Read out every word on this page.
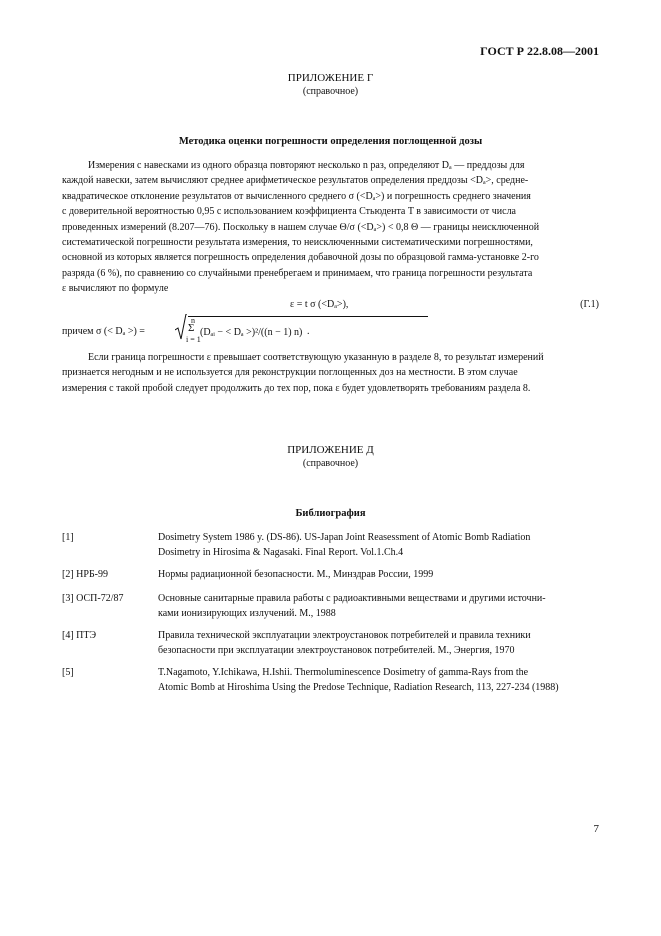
ГОСТ Р 22.8.08—2001
ПРИЛОЖЕНИЕ Г
(справочное)
Методика оценки погрешности определения поглощенной дозы
Измерения с навесками из одного образца повторяют несколько n раз, определяют Dₐ — преддозы для
каждой навески, затем вычисляют среднее арифметическое результатов определения преддозы <Dₐ>, средне-
квадратическое отклонение результатов от вычисленного среднего σ (<Dₐ>) и погрешность среднего значения
с доверительной вероятностью 0,95 с использованием коэффициента Стьюдента T в зависимости от числа
проведенных измерений (8.207—76). Поскольку в нашем случае Θ/σ (<Dₐ>) < 0,8 Θ — границы неисключенной
систематической погрешности результата измерения, то неисключенными систематическими погрешностями,
основной из которых является погрешность определения добавочной дозы по образцовой гамма-установке 2-го
разряда (6 %), по сравнению со случайными пренебрегаем и принимаем, что граница погрешности результата
ε вычисляют по формуле
ε = t σ (<Dₐ>),	(Г.1)
причем σ (< Dₐ >) =
n
Σ
i = 1
(Dₐᵢ − < Dₐ >)²/((n − 1) n) .
Если граница погрешности ε превышает соответствующую указанную в разделе 8, то результат измерений
признается негодным и не используется для реконструкции поглощенных доз на местности. В этом случае
измерения с такой пробой следует продолжить до тех пор, пока ε будет удовлетворять требованиям раздела 8.
ПРИЛОЖЕНИЕ Д
(справочное)
Библиография
[1]	Dosimetry System 1986 y. (DS-86). US-Japan Joint Reasessment of Atomic Bomb Radiation
Dosimetry in Hirosima & Nagasaki. Final Report. Vol.1.Ch.4
[2] НРБ-99	Нормы радиационной безопасности. М., Минздрав России, 1999
[3] ОСП-72/87	Основные санитарные правила работы с радиоактивными веществами и другими источни-
ками ионизирующих излучений. М., 1988
[4] ПТЭ	Правила технической эксплуатации электроустановок потребителей и правила техники
безопасности при эксплуатации электроустановок потребителей. М., Энергия, 1970
[5]	T.Nagamoto, Y.Ichikawa, H.Ishii. Thermoluminescence Dosimetry of gamma-Rays from the
Atomic Bomb at Hiroshima Using the Predose Technique, Radiation Research, 113, 227-234 (1988)
7
